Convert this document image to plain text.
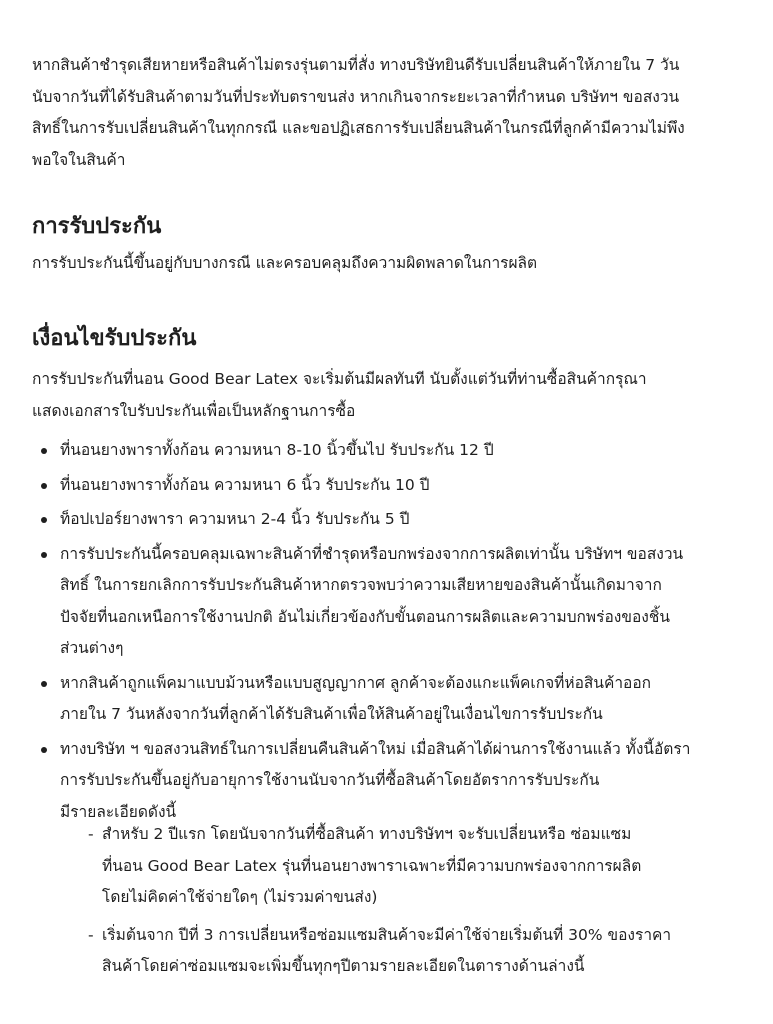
หากสินค้าชำรุดเสียหายหรือสินค้าไม่ตรงรุ่นตามที่สั่ง ทางบริษัทยินดีรับเปลี่ยนสินค้าให้ภายใน 7 วัน
นับจากวันที่ได้รับสินค้าตามวันที่ประทับตราขนส่ง หากเกินจากระยะเวลาที่กำหนด บริษัทฯ ขอสงวน
สิทธิ์ในการรับเปลี่ยนสินค้าในทุกกรณี และขอปฏิเสธการรับเปลี่ยนสินค้าในกรณีที่ลูกค้ามีความไม่พึง
พอใจในสินค้า

การรับประกัน

การรับประกันนี้ขึ้นอยู่กับบางกรณี และครอบคลุมถึงความผิดพลาดในการผลิต

เงื่อนไขรับประกัน

การรับประกันที่นอน Good Bear Latex จะเริ่มต้นมีผลทันที นับตั้งแต่วันที่ท่านซื้อสินค้ากรุณา
แสดงเอกสารใบรับประกันเพื่อเป็นหลักฐานการซื้อ

ที่นอนยางพาราทั้งก้อน ความหนา 8-10 นิ้วขึ้นไป รับประกัน 12 ปี
ที่นอนยางพาราทั้งก้อน ความหนา 6 นิ้ว รับประกัน 10 ปี
ท็อปเปอร์ยางพารา ความหนา 2-4 นิ้ว รับประกัน 5 ปี
การรับประกันนี้ครอบคลุมเฉพาะสินค้าที่ชำรุดหรือบกพร่องจากการผลิตเท่านั้น บริษัทฯ ขอสงวน
สิทธิ์ ในการยกเลิกการรับประกันสินค้าหากตรวจพบว่าความเสียหายของสินค้านั้นเกิดมาจาก
ปัจจัยที่นอกเหนือการใช้งานปกติ อันไม่เกี่ยวข้องกับขั้นตอนการผลิตและความบกพร่องของชิ้น
ส่วนต่างๆ
หากสินค้าถูกแพ็คมาแบบม้วนหรือแบบสูญญากาศ ลูกค้าจะต้องแกะแพ็คเกจที่ห่อสินค้าออก
ภายใน 7 วันหลังจากวันที่ลูกค้าได้รับสินค้าเพื่อให้สินค้าอยู่ในเงื่อนไขการรับประกัน
ทางบริษัท ฯ ขอสงวนสิทธ์ในการเปลี่ยนคืนสินค้าใหม่ เมื่อสินค้าได้ผ่านการใช้งานแล้ว ทั้งนี้อัตรา
การรับประกันขึ้นอยู่กับอายุการใช้งานนับจากวันที่ซื้อสินค้าโดยอัตราการรับประกัน
มีรายละเอียดดังนี้
- สำหรับ 2 ปีแรก โดยนับจากวันที่ซื้อสินค้า ทางบริษัทฯ จะรับเปลี่ยนหรือ ซ่อมแซม
ที่นอน Good Bear Latex รุ่นที่นอนยางพาราเฉพาะที่มีความบกพร่องจากการผลิต
โดยไม่คิดค่าใช้จ่ายใดๆ (ไม่รวมค่าขนส่ง)
- เริ่มต้นจาก ปีที่ 3 การเปลี่ยนหรือซ่อมแซมสินค้าจะมีค่าใช้จ่ายเริ่มต้นที่ 30% ของราคา
สินค้าโดยค่าซ่อมแซมจะเพิ่มขึ้นทุกๆปีตามรายละเอียดในตารางด้านล่างนี้
